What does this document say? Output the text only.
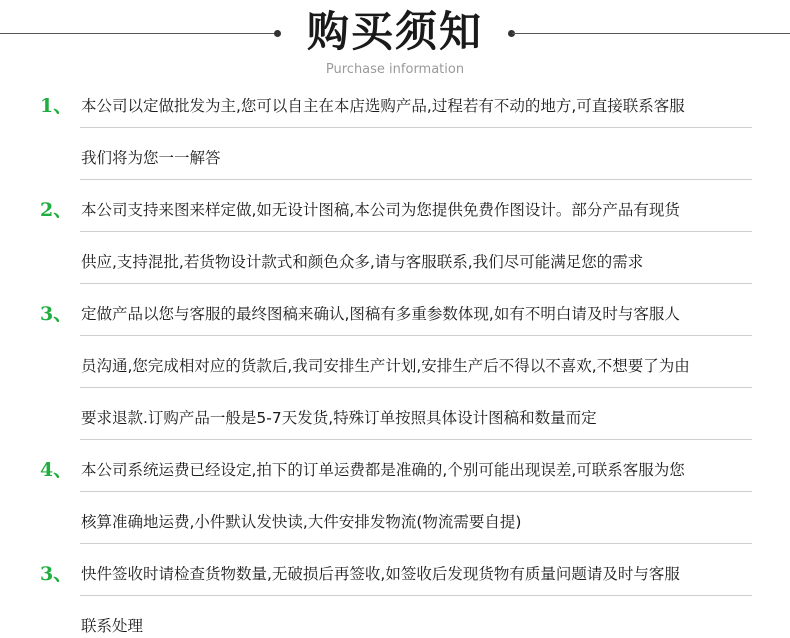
购买须知
Purchase information
1、 本公司以定做批发为主,您可以自主在本店选购产品,过程若有不动的地方,可直接联系客服
我们将为您一一解答
2、 本公司支持来图来样定做,如无设计图稿,本公司为您提供免费作图设计。部分产品有现货
供应,支持混批,若货物设计款式和颜色众多,请与客服联系,我们尽可能满足您的需求
3、 定做产品以您与客服的最终图稿来确认,图稿有多重参数体现,如有不明白请及时与客服人
员沟通,您完成相对应的货款后,我司安排生产计划,安排生产后不得以不喜欢,不想要了为由
要求退款.订购产品一般是5-7天发货,特殊订单按照具体设计图稿和数量而定
4、 本公司系统运费已经设定,拍下的订单运费都是准确的,个别可能出现误差,可联系客服为您
核算准确地运费,小件默认发快读,大件安排发物流(物流需要自提)
3、 快件签收时请检查货物数量,无破损后再签收,如签收后发现货物有质量问题请及时与客服
联系处理
